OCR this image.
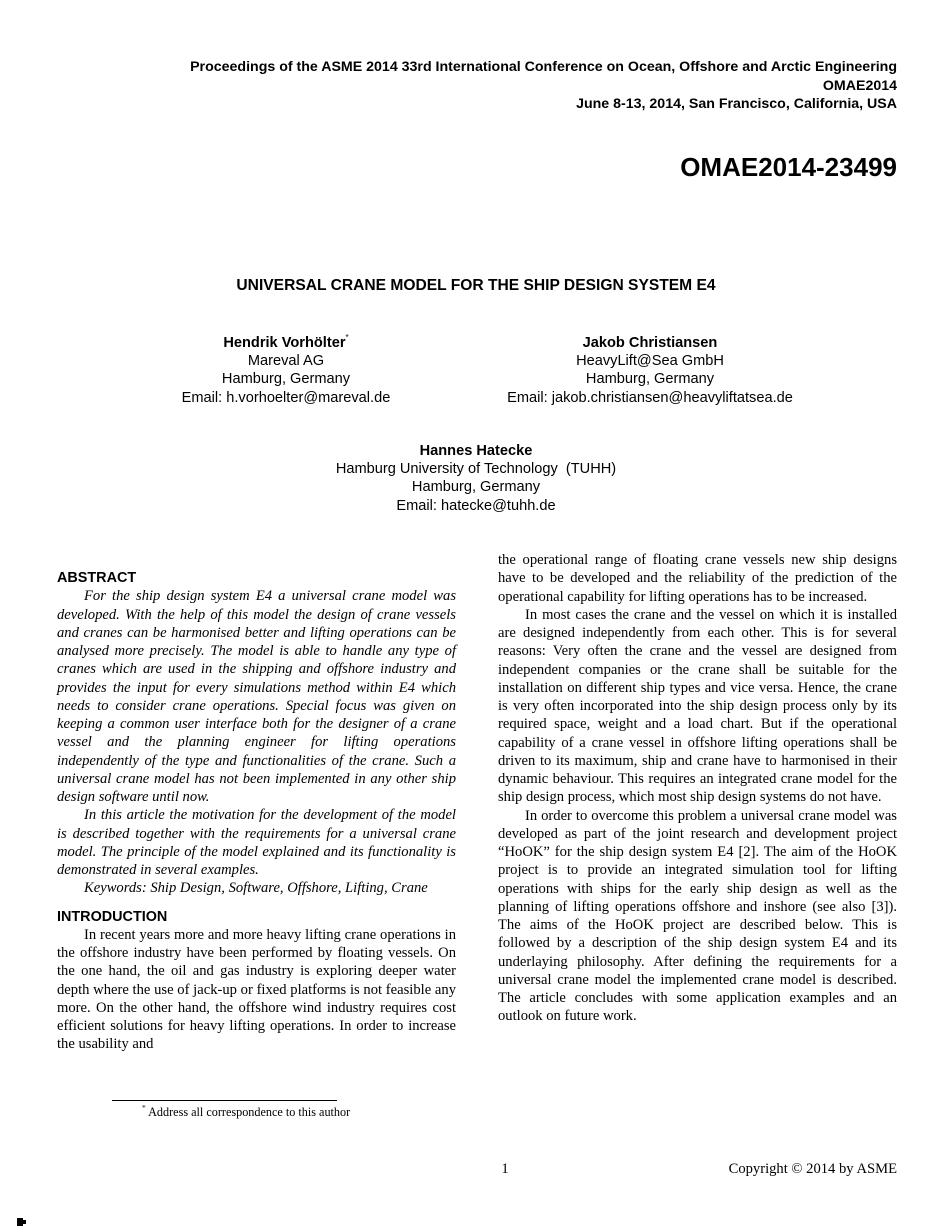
Proceedings of the ASME 2014 33rd International Conference on Ocean, Offshore and Arctic Engineering
OMAE2014
June 8-13, 2014, San Francisco, California, USA
OMAE2014-23499
UNIVERSAL CRANE MODEL FOR THE SHIP DESIGN SYSTEM E4
Hendrik Vorhölter*
Mareval AG
Hamburg, Germany
Email: h.vorhoelter@mareval.de
Jakob Christiansen
HeavyLift@Sea GmbH
Hamburg, Germany
Email: jakob.christiansen@heavyliftatsea.de
Hannes Hatecke
Hamburg University of Technology  (TUHH)
Hamburg, Germany
Email: hatecke@tuhh.de
ABSTRACT

For the ship design system E4 a universal crane model was developed. With the help of this model the design of crane vessels and cranes can be harmonised better and lifting operations can be analysed more precisely. The model is able to handle any type of cranes which are used in the shipping and offshore industry and provides the input for every simulations method within E4 which needs to consider crane operations. Special focus was given on keeping a common user interface both for the designer of a crane vessel and the planning engineer for lifting operations independently of the type and functionalities of the crane. Such a universal crane model has not been implemented in any other ship design software until now.

In this article the motivation for the development of the model is described together with the requirements for a universal crane model. The principle of the model explained and its functionality is demonstrated in several examples.

Keywords: Ship Design, Software, Offshore, Lifting, Crane

INTRODUCTION

In recent years more and more heavy lifting crane operations in the offshore industry have been performed by floating vessels. On the one hand, the oil and gas industry is exploring deeper water depth where the use of jack-up or fixed platforms is not feasible any more. On the other hand, the offshore wind industry requires cost efficient solutions for heavy lifting operations. In order to increase the usability and

the operational range of floating crane vessels new ship designs have to be developed and the reliability of the prediction of the operational capability for lifting operations has to be increased.

In most cases the crane and the vessel on which it is installed are designed independently from each other. This is for several reasons: Very often the crane and the vessel are designed from independent companies or the crane shall be suitable for the installation on different ship types and vice versa. Hence, the crane is very often incorporated into the ship design process only by its required space, weight and a load chart. But if the operational capability of a crane vessel in offshore lifting operations shall be driven to its maximum, ship and crane have to harmonised in their dynamic behaviour. This requires an integrated crane model for the ship design process, which most ship design systems do not have.

In order to overcome this problem a universal crane model was developed as part of the joint research and development project “HoOK” for the ship design system E4 [2]. The aim of the HoOK project is to provide an integrated simulation tool for lifting operations with ships for the early ship design as well as the planning of lifting operations offshore and inshore (see also [3]). The aims of the HoOK project are described below. This is followed by a description of the ship design system E4 and its underlaying philosophy. After defining the requirements for a universal crane model the implemented crane model is described. The article concludes with some application examples and an outlook on future work.

* Address all correspondence to this author
1	Copyright © 2014 by ASME
